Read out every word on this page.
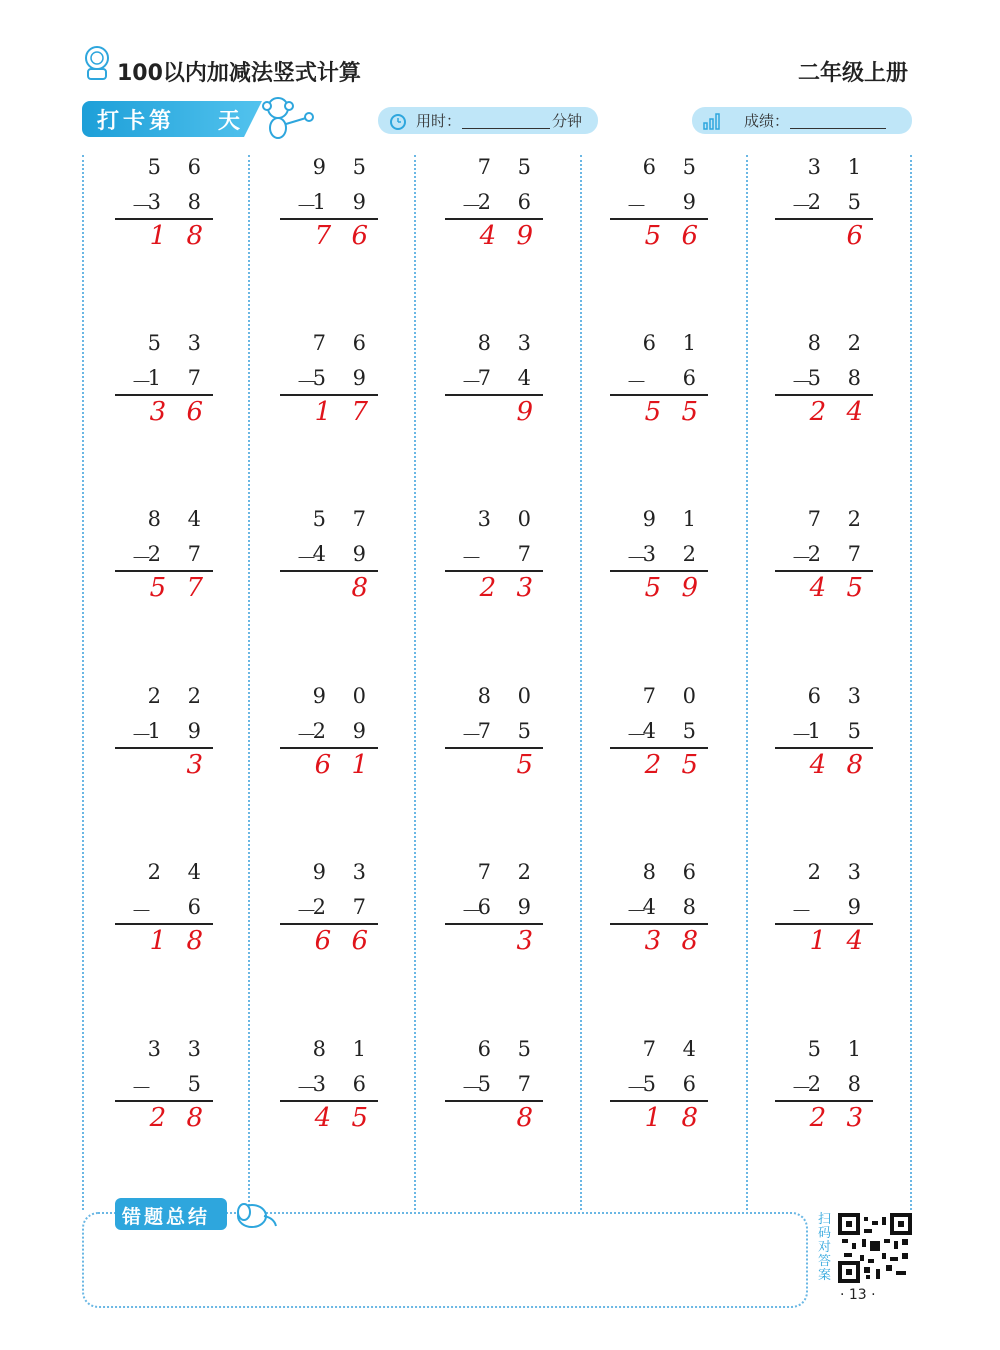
100以内加减法竖式计算	二年级上册
打卡第 天	用时：	分钟	成绩：
5 6
－
3 8
1 8
9 5
－
1 9
7 6
7 5
－
2 6
4 9
6 5
－ 9
5 6
3 1
－
2 5
6
5 3
－
1 7
3 6
7 6
－
5 9
1 7
8 3
－
7 4
9
6 1
－ 6
5 5
8 2
－
5 8
2 4
8 4
－
2 7
5 7
5 7
－
4 9
8
3 0
－ 7
2 3
9 1
－
3 2
5 9
7 2
－
2 7
4 5
2 2
－
1 9
3
9 0
－
2 9
6 1
8 0
－
7 5
5
7 0
－
4 5
2 5
6 3
－
1 5
4 8
2 4
－ 6
1 8
9 3
－
2 7
6 6
7 2
－
6 9
3
8 6
－
4 8
3 8
2 3
－ 9
1 4
3 3
－ 5
2 8
8 1
－
3 6
4 5
6 5
－
5 7
8
7 4
－
5 6
1 8
5 1
－
2 8
2 3
错题总结	扫码对答案
· 13 ·
